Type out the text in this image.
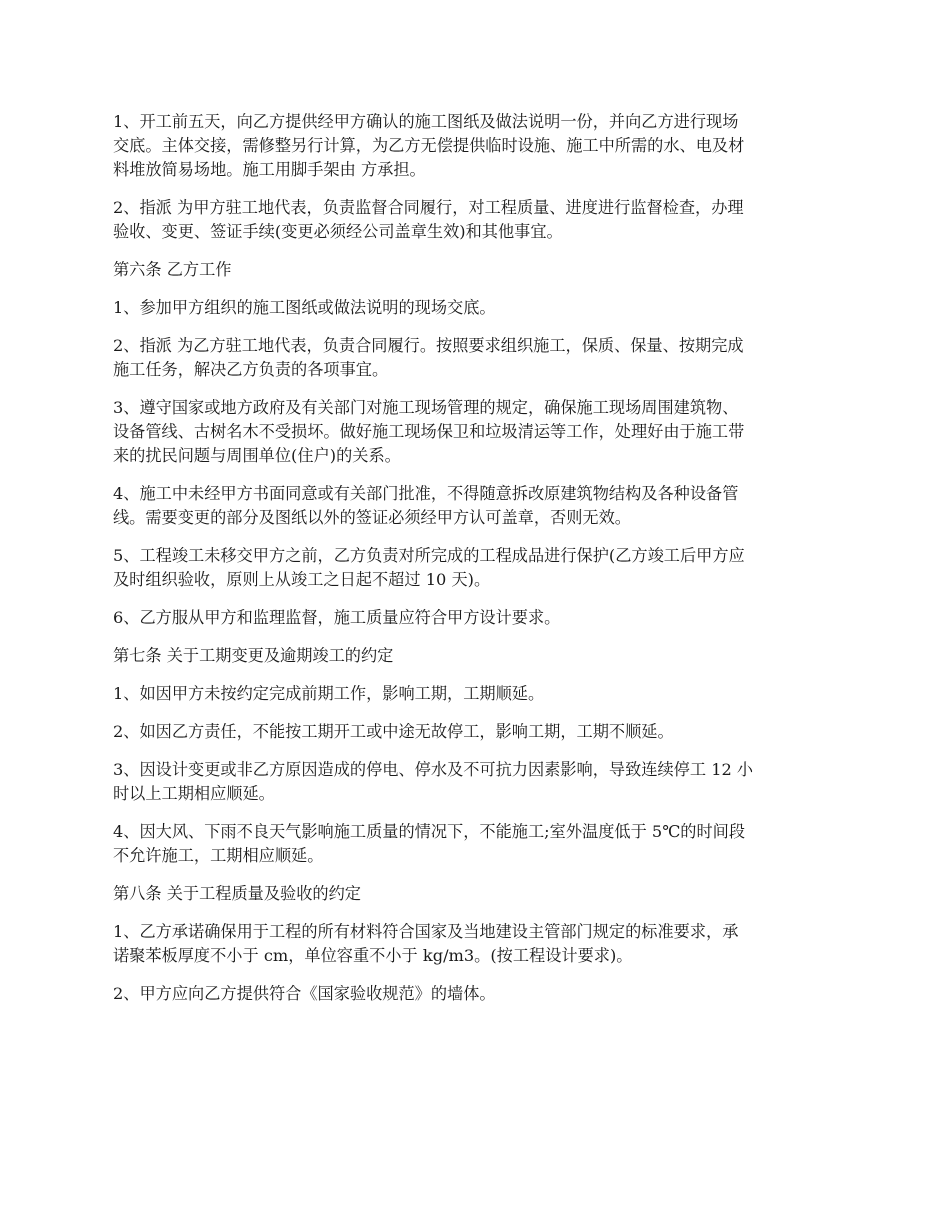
1、开工前五天，向乙方提供经甲方确认的施工图纸及做法说明一份，并向乙方进行现场
交底。主体交接，需修整另行计算，为乙方无偿提供临时设施、施工中所需的水、电及材
料堆放简易场地。施工用脚手架由 方承担。

2、指派 为甲方驻工地代表，负责监督合同履行，对工程质量、进度进行监督检查，办理
验收、变更、签证手续(变更必须经公司盖章生效)和其他事宜。

第六条 乙方工作

1、参加甲方组织的施工图纸或做法说明的现场交底。

2、指派 为乙方驻工地代表，负责合同履行。按照要求组织施工，保质、保量、按期完成
施工任务，解决乙方负责的各项事宜。

3、遵守国家或地方政府及有关部门对施工现场管理的规定，确保施工现场周围建筑物、
设备管线、古树名木不受损坏。做好施工现场保卫和垃圾清运等工作，处理好由于施工带
来的扰民问题与周围单位(住户)的关系。

4、施工中未经甲方书面同意或有关部门批准，不得随意拆改原建筑物结构及各种设备管
线。需要变更的部分及图纸以外的签证必须经甲方认可盖章，否则无效。

5、工程竣工未移交甲方之前，乙方负责对所完成的工程成品进行保护(乙方竣工后甲方应
及时组织验收，原则上从竣工之日起不超过 10 天)。

6、乙方服从甲方和监理监督，施工质量应符合甲方设计要求。

第七条 关于工期变更及逾期竣工的约定

1、如因甲方未按约定完成前期工作，影响工期，工期顺延。

2、如因乙方责任，不能按工期开工或中途无故停工，影响工期，工期不顺延。

3、因设计变更或非乙方原因造成的停电、停水及不可抗力因素影响，导致连续停工 12 小
时以上工期相应顺延。

4、因大风、下雨不良天气影响施工质量的情况下，不能施工;室外温度低于 5℃的时间段
不允许施工，工期相应顺延。

第八条 关于工程质量及验收的约定

1、乙方承诺确保用于工程的所有材料符合国家及当地建设主管部门规定的标准要求，承
诺聚苯板厚度不小于 cm，单位容重不小于 kg/m3。(按工程设计要求)。

2、甲方应向乙方提供符合《国家验收规范》的墙体。
